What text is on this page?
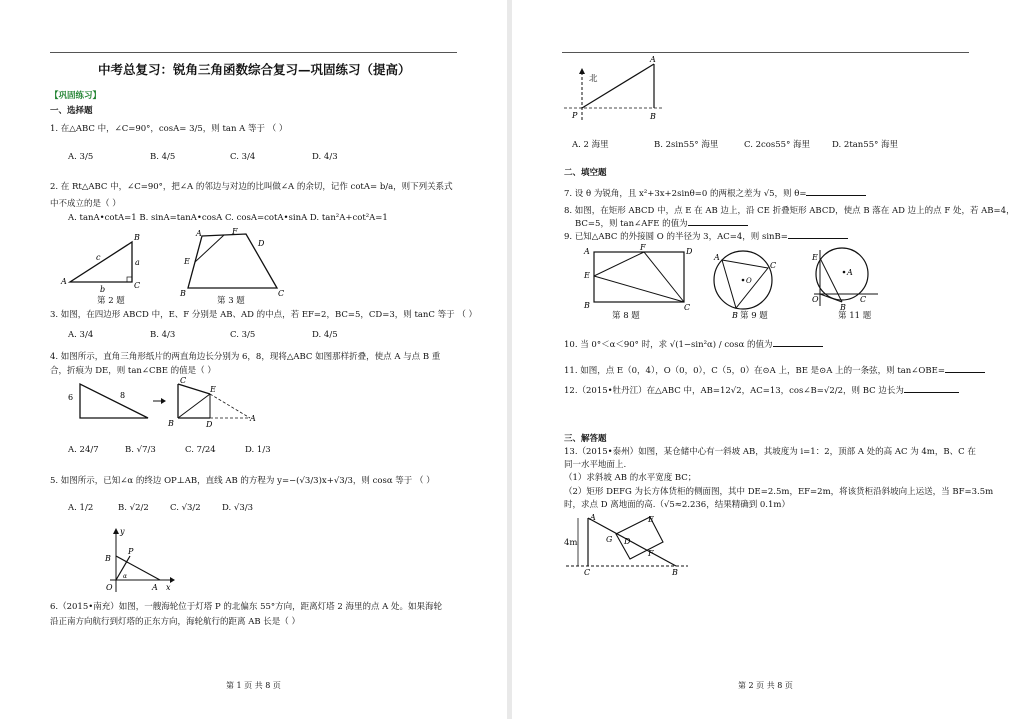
中考总复习：锐角三角函数综合复习—巩固练习（提高）
【巩固练习】
一、选择题
1. 在△ABC 中，∠C=90°，cosA= 3/5，则 tan A 等于 （ ）
A. 3/5	B. 4/5	C. 3/4	D. 4/3
2. 在 Rt△ABC 中，∠C=90°，把∠A 的邻边与对边的比叫做∠A 的余切，记作 cotA= b/a，则下列关系式
中不成立的是（ ）
A. tanA•cotA=1 B. sinA=tanA•cosA C. cosA=cotA•sinA D. tan²A+cot²A=1
A
B
C
c
a
b
第 2 题
A	F
D
E
B	C
第 3 题
3. 如图，在四边形 ABCD 中，E、F 分别是 AB、AD 的中点，若 EF=2，BC=5，CD=3，则 tanC 等于 （ ）
A. 3/4	B. 4/3	C. 3/5	D. 4/5
4. 如图所示，直角三角形纸片的两直角边长分别为 6，8，现将△ABC 如图那样折叠，使点 A 与点 B 重
合，折痕为 DE，则 tan∠CBE 的值是（ ）
6	8
C
E
B	D
A
A. 24/7	B. √7/3	C. 7/24	D. 1/3
5. 如图所示，已知∠α 的终边 OP⊥AB，直线 AB 的方程为 y=−(√3/3)x+√3/3，则 cosα 等于 （ ）
A. 1/2	B. √2/2	C. √3/2	D. √3/3
B
P
α
O	A x
y
6.（2015•南充）如图，一艘海轮位于灯塔 P 的北偏东 55°方向，距离灯塔 2 海里的点 A 处。如果海轮
沿正南方向航行到灯塔的正东方向，海轮航行的距离 AB 长是（ ）
第 1 页 共 8 页
A
P	B
北
A. 2 海里	B. 2sin55° 海里	C. 2cos55° 海里	D. 2tan55° 海里
二、填空题
7. 设 θ 为锐角，且 x²+3x+2sinθ=0 的两根之差为 √5，则 θ=
8. 如图，在矩形 ABCD 中，点 E 在 AB 边上，沿 CE 折叠矩形 ABCD，使点 B 落在 AD 边上的点 F 处，若 AB=4，
BC=5，则 tan∠AFE 的值为
9. 已知△ABC 的外接圆 O 的半径为 3，AC=4，则 sinB=
A	F	D
E
B	C
第 8 题
O
A
C
B 第 9 题
A
E
O
B
C
第 11 题
10. 当 0°＜α＜90° 时，求 √(1−sin²α) / cosα 的值为
11. 如图，点 E（0，4），O（0，0），C（5，0）在⊙A 上，BE 是⊙A 上的一条弦，则 tan∠OBE=
12.（2015•牡丹江）在△ABC 中，AB=12√2，AC=13，cos∠B=√2/2，则 BC 边长为
三、解答题
13.（2015•泰州）如图，某仓储中心有一斜坡 AB，其坡度为 i=1：2，顶部 A 处的高 AC 为 4m，B、C 在
同一水平地面上.
（1）求斜坡 AB 的水平宽度 BC；
（2）矩形 DEFG 为长方体货柜的侧面图，其中 DE=2.5m，EF=2m，将该货柜沿斜坡向上运送，当 BF=3.5m
时，求点 D 离地面的高.（√5≈2.236，结果精确到 0.1m）
A	E
G D
F
C	B
4m
第 2 页 共 8 页
